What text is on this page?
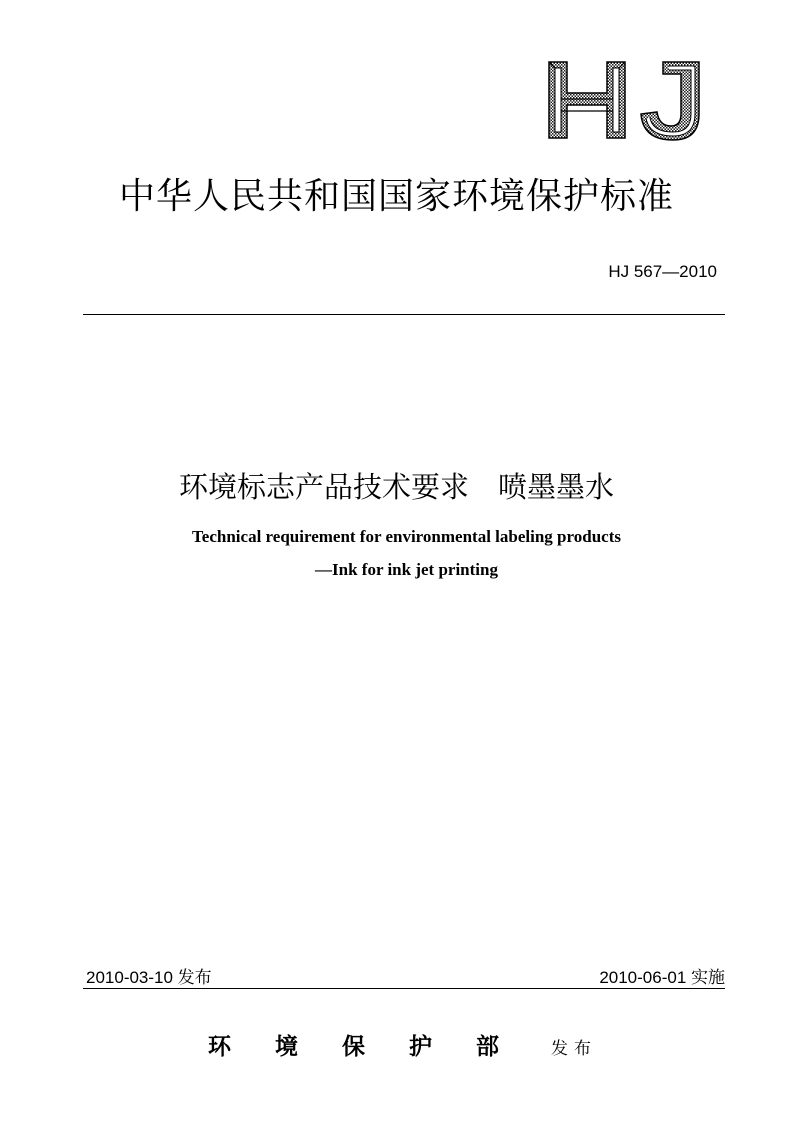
中华人民共和国国家环境保护标准
HJ 567—2010
环境标志产品技术要求　喷墨墨水
Technical requirement for environmental labeling products
—Ink for ink jet printing
2010-03-10 发布	2010-06-01 实施
环境保护部 发布
